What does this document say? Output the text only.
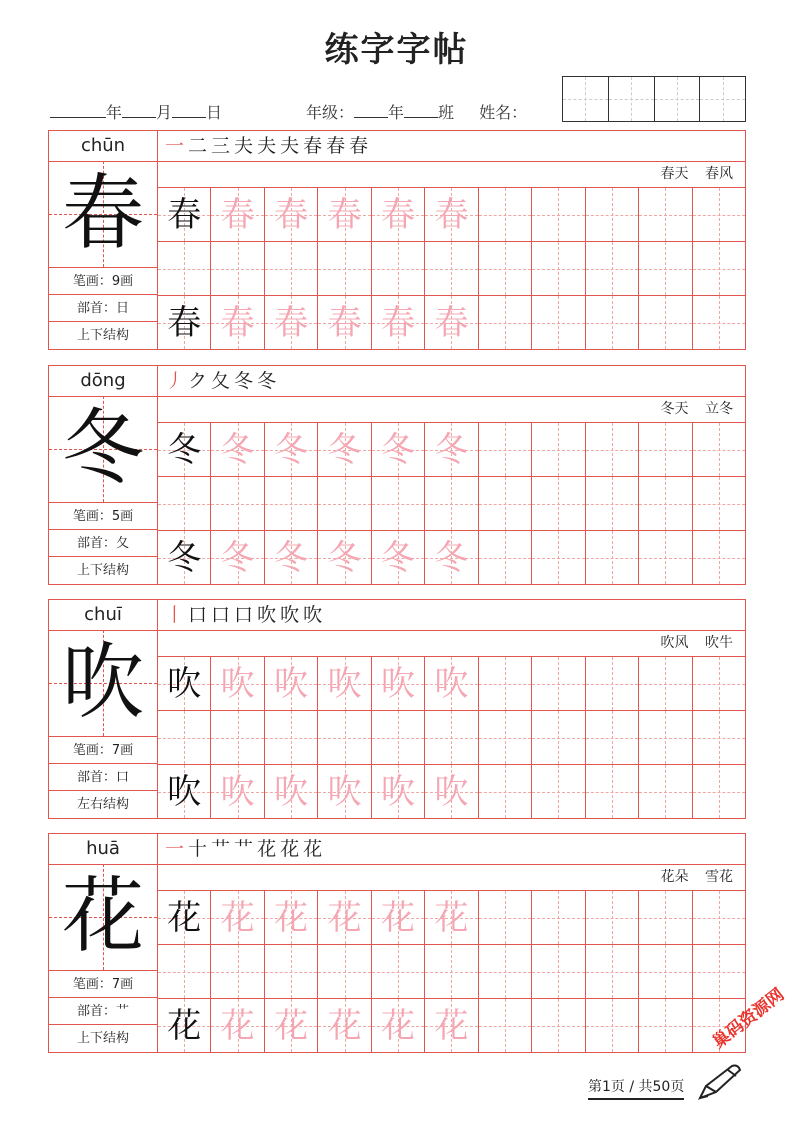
练字字帖
年 月 日	年级： 年 班 姓名：
chūn
春
笔画：9画
部首：日
上下结构
一二三夫夫夫春春春
春天 春风
春 春 春 春 春 春
春 春 春 春 春 春
dōng
冬
笔画：5画
部首：夂
上下结构
丿ク夂冬冬
冬天 立冬
冬 冬 冬 冬 冬 冬
冬 冬 冬 冬 冬 冬
chuī
吹
笔画：7画
部首：口
左右结构
丨口口口吹吹吹
吹风 吹牛
吹 吹 吹 吹 吹 吹
吹 吹 吹 吹 吹 吹
huā
花
笔画：7画
部首：艹
上下结构
一十艹艹花花花
花朵 雪花
花 花 花 花 花 花
花 花 花 花 花 花
第1页 / 共50页
巢码资源网
